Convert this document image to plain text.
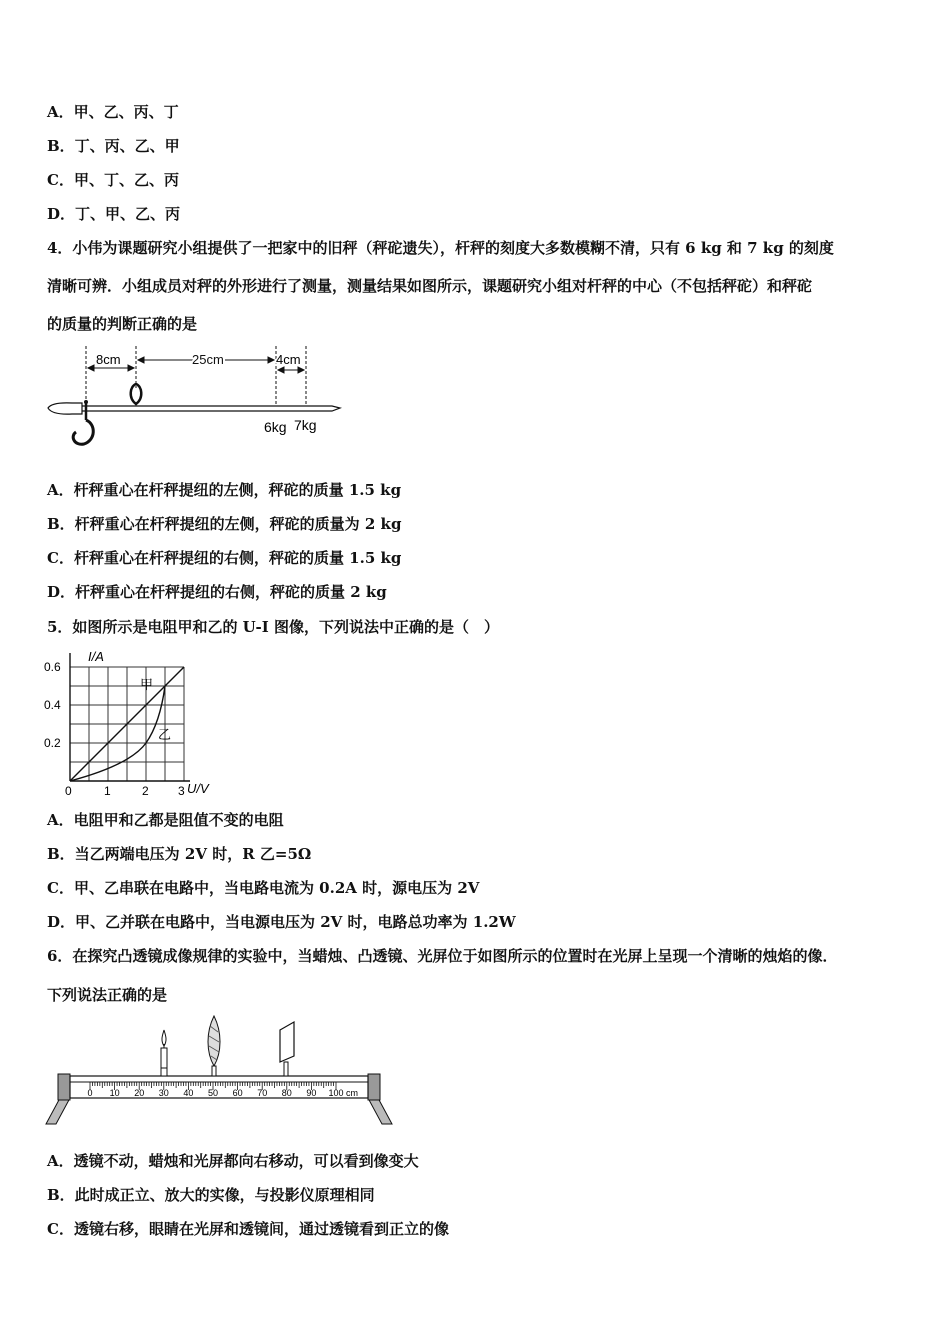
A．甲、乙、丙、丁
B．丁、丙、乙、甲
C．甲、丁、乙、丙
D．丁、甲、乙、丙
4．小伟为课题研究小组提供了一把家中的旧秤（秤砣遗失），杆秤的刻度大多数模糊不清，只有 6 kg 和 7 kg 的刻度
清晰可辨．小组成员对秤的外形进行了测量，测量结果如图所示，课题研究小组对杆秤的中心（不包括秤砣）和秤砣
的质量的判断正确的是
8cm	25cm	4cm
6kg 7kg
A．杆秤重心在杆秤提纽的左侧，秤砣的质量 1.5 kg
B．杆秤重心在杆秤提纽的左侧，秤砣的质量为 2 kg
C．杆秤重心在杆秤提纽的右侧，秤砣的质量 1.5 kg
D．杆秤重心在杆秤提纽的右侧，秤砣的质量 2 kg
5．如图所示是电阻甲和乙的 U-I 图像，下列说法中正确的是（　）
I/A
U/V
0.6
0.4
0.2
0	1	2 3
甲
乙
A．电阻甲和乙都是阻值不变的电阻
B．当乙两端电压为 2V 时，R 乙=5Ω
C．甲、乙串联在电路中，当电路电流为 0.2A 时，源电压为 2V
D．甲、乙并联在电路中，当电源电压为 2V 时，电路总功率为 1.2W
6．在探究凸透镜成像规律的实验中，当蜡烛、凸透镜、光屏位于如图所示的位置时在光屏上呈现一个清晰的烛焰的像．
下列说法正确的是
0 10 20 30 40 50 60 70 80 90 100 cm
A．透镜不动，蜡烛和光屏都向右移动，可以看到像变大
B．此时成正立、放大的实像，与投影仪原理相同
C．透镜右移，眼睛在光屏和透镜间，通过透镜看到正立的像
